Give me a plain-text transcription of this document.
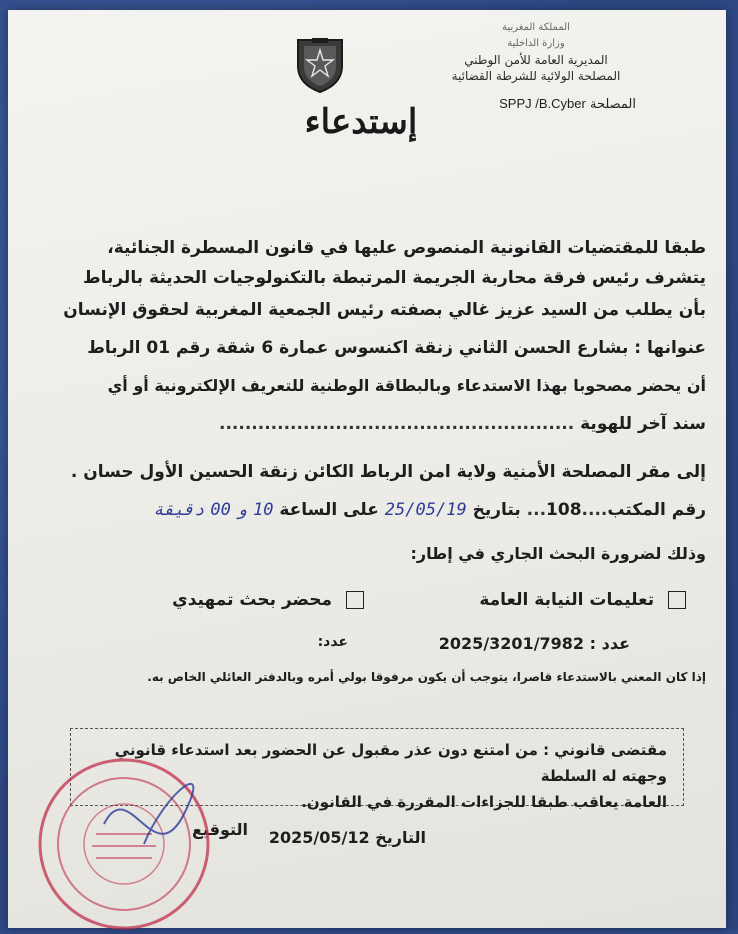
المملكة المغربية
وزارة الداخلية
المديرية العامة للأمن الوطني
المصلحة الولائية للشرطة القضائية
المصلحة SPPJ /B.Cyber
إستدعاء
طبقا للمقتضيات القانونية المنصوص عليها في قانون المسطرة الجنائية،
يتشرف رئيس فرقة محاربة الجريمة المرتبطة بالتكنولوجيات الحديثة بالرباط
بأن يطلب من السيد عزيز غالي بصفته رئيس الجمعية المغربية لحقوق الإنسان
عنوانها : بشارع الحسن الثاني زنقة اكنسوس عمارة 6 شقة رقم 01 الرباط
أن يحضر مصحوبا بهذا الاستدعاء وبالبطاقة الوطنية للتعريف الإلكترونية أو أي
سند آخر للهوية .......................................................
إلى مقر المصلحة الأمنية ولاية امن الرباط الكائن زنقة الحسين الأول حسان .
رقم المكتب....108... بتاريخ 25/05/19 على الساعة 10 و 00 دقيقة
وذلك لضرورة البحث الجاري في إطار:
تعليمات النيابة العامة
محضر بحث تمهيدي
عدد : 2025/3201/7982
عدد:
إذا كان المعني بالاستدعاء قاصرا، يتوجب أن يكون مرفوقا بولي أمره وبالدفتر العائلي الخاص به.
مقتضى قانوني : من امتنع دون عذر مقبول عن الحضور بعد استدعاء قانوني وجهته له السلطة
العامة يعاقب طبقا للجزاءات المقررة في القانون.
التاريخ 2025/05/12
التوقيع
